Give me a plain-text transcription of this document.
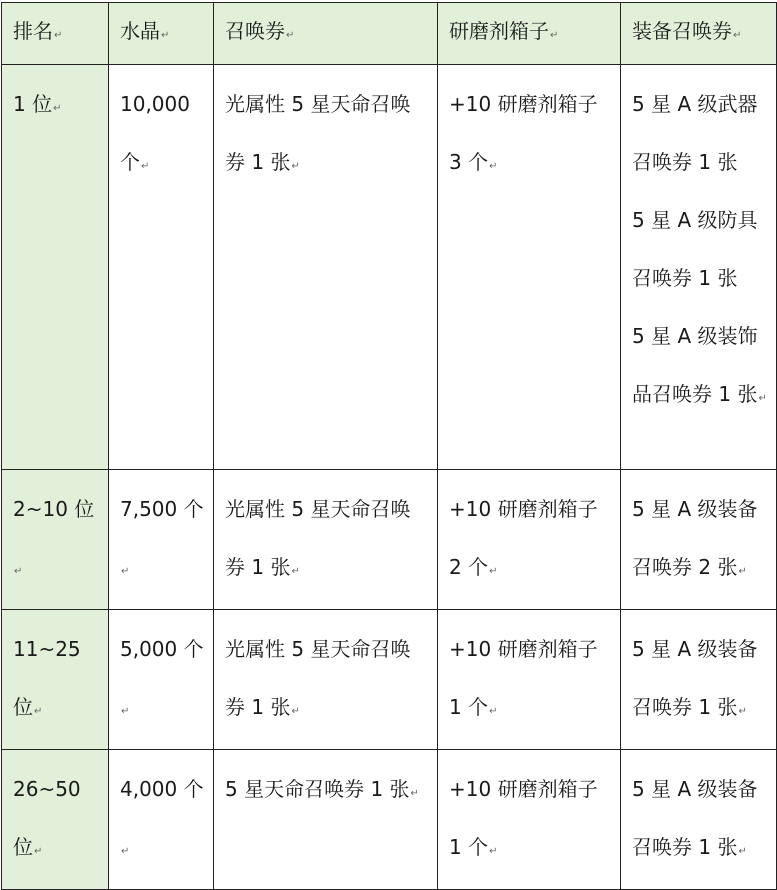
排名 ↵	水晶 ↵	召唤券 ↵	研磨剂箱子 ↵	装备召唤券 ↵
1 位 ↵	10,000 个 ↵	光属性 5 星天命召唤券 1 张 ↵	+10 研磨剂箱子 3 个 ↵	5 星 A 级武器召唤券 1 张
5 星 A 级防具召唤券 1 张
5 星 A 级装饰品召唤券 1 张 ↵

2~10 位 ↵	7,500 个 ↵	光属性 5 星天命召唤券 1 张 ↵	+10 研磨剂箱子 2 个 ↵	5 星 A 级装备召唤券 2 张 ↵
11~25 位 ↵	5,000 个 ↵	光属性 5 星天命召唤券 1 张 ↵	+10 研磨剂箱子 1 个 ↵	5 星 A 级装备召唤券 1 张 ↵
26~50 位 ↵	4,000 个 ↵	5 星天命召唤券 1 张 ↵	+10 研磨剂箱子 1 个 ↵	5 星 A 级装备召唤券 1 张 ↵
